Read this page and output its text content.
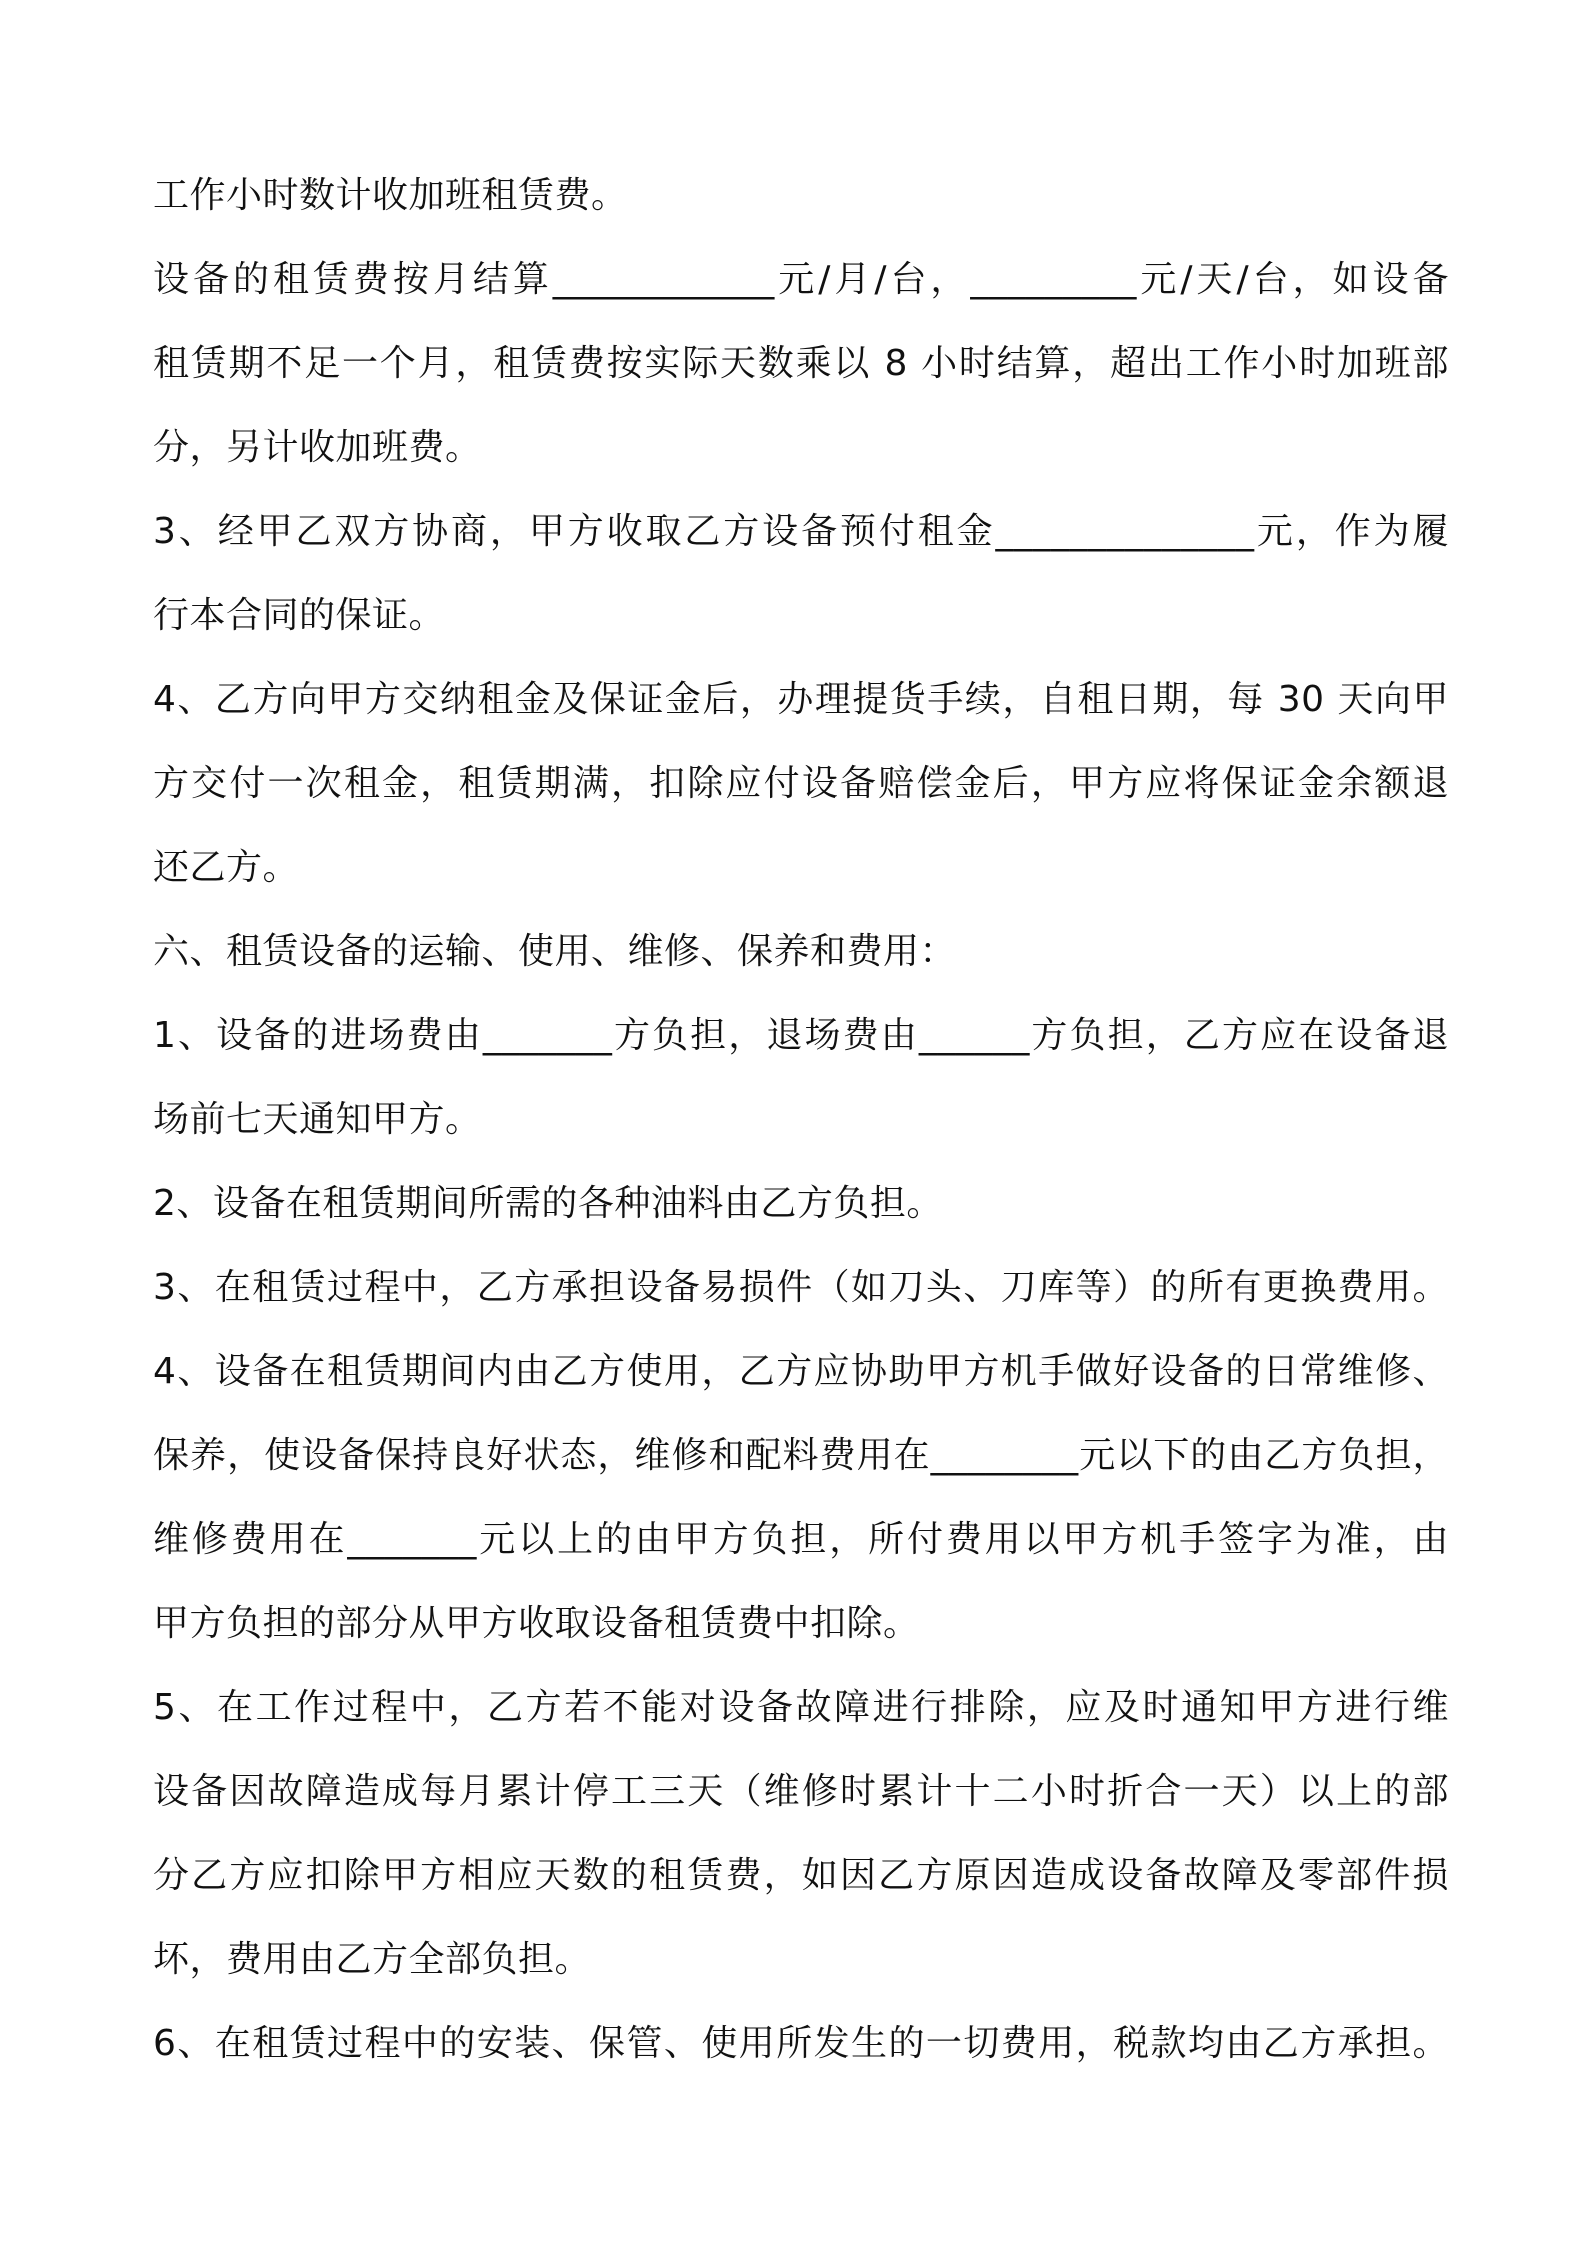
工作小时数计收加班租赁费。
设备的租赁费按月结算____________元/月/台，_________元/天/台，如设备
租赁期不足一个月，租赁费按实际天数乘以 8 小时结算，超出工作小时加班部
分，另计收加班费。
3、经甲乙双方协商，甲方收取乙方设备预付租金______________元，作为履
行本合同的保证。
4、乙方向甲方交纳租金及保证金后，办理提货手续，自租日期，每 30 天向甲
方交付一次租金，租赁期满，扣除应付设备赔偿金后，甲方应将保证金余额退
还乙方。
六、租赁设备的运输、使用、维修、保养和费用：
1、设备的进场费由_______方负担，退场费由______方负担，乙方应在设备退
场前七天通知甲方。
2、设备在租赁期间所需的各种油料由乙方负担。
3、在租赁过程中，乙方承担设备易损件（如刀头、刀库等）的所有更换费用。
4、设备在租赁期间内由乙方使用，乙方应协助甲方机手做好设备的日常维修、
保养，使设备保持良好状态，维修和配料费用在________元以下的由乙方负担，
维修费用在_______元以上的由甲方负担，所付费用以甲方机手签字为准，由
甲方负担的部分从甲方收取设备租赁费中扣除。
5、在工作过程中，乙方若不能对设备故障进行排除，应及时通知甲方进行维
设备因故障造成每月累计停工三天（维修时累计十二小时折合一天）以上的部
分乙方应扣除甲方相应天数的租赁费，如因乙方原因造成设备故障及零部件损
坏，费用由乙方全部负担。
6、在租赁过程中的安装、保管、使用所发生的一切费用，税款均由乙方承担。
